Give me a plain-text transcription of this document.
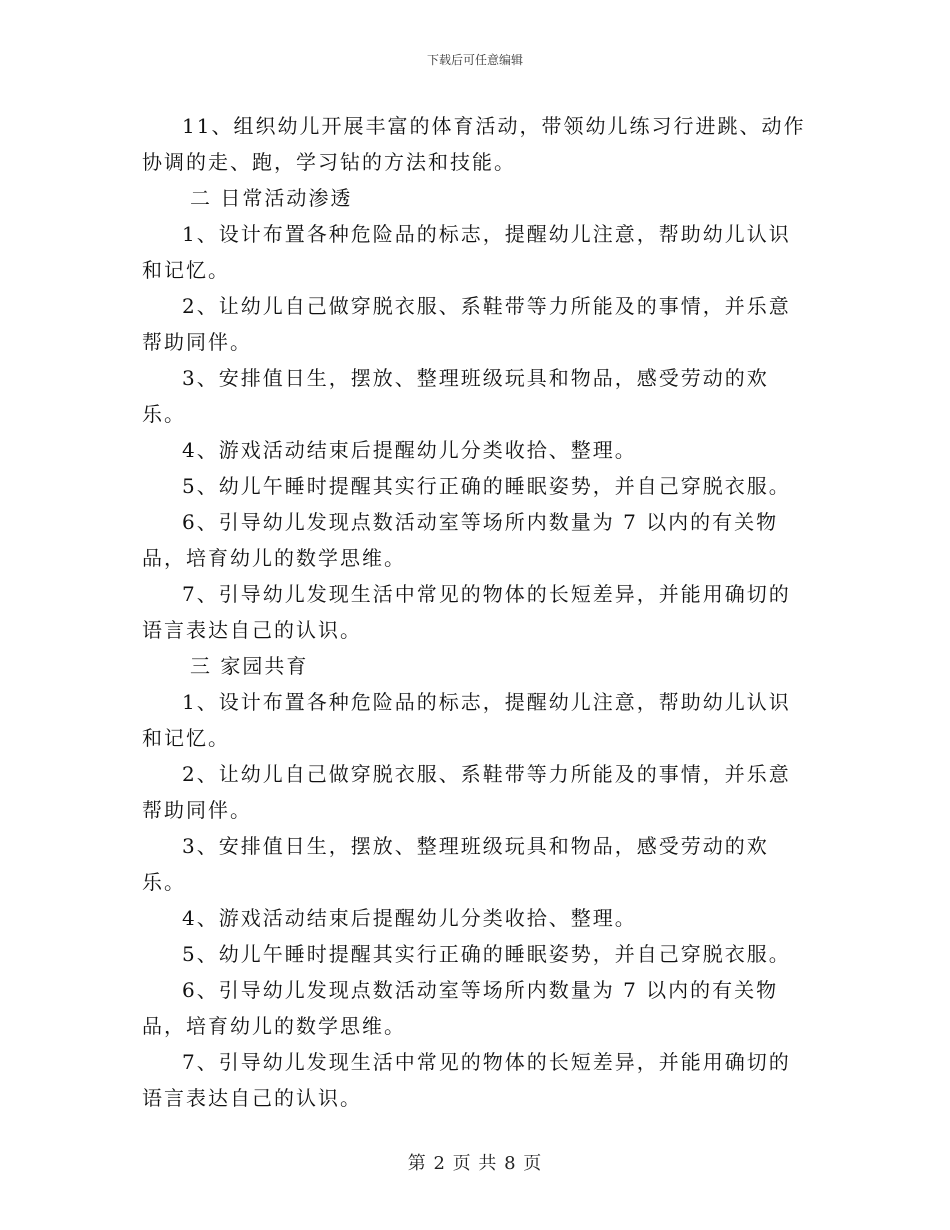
下载后可任意编辑

11、组织幼儿开展丰富的体育活动，带领幼儿练习行进跳、动作协调的走、跑，学习钻的方法和技能。

二 日常活动渗透

1、设计布置各种危险品的标志，提醒幼儿注意，帮助幼儿认识和记忆。

2、让幼儿自己做穿脱衣服、系鞋带等力所能及的事情，并乐意帮助同伴。

3、安排值日生，摆放、整理班级玩具和物品，感受劳动的欢乐。

4、游戏活动结束后提醒幼儿分类收拾、整理。

5、幼儿午睡时提醒其实行正确的睡眠姿势，并自己穿脱衣服。

6、引导幼儿发现点数活动室等场所内数量为 7 以内的有关物品，培育幼儿的数学思维。

7、引导幼儿发现生活中常见的物体的长短差异，并能用确切的语言表达自己的认识。

三 家园共育

1、设计布置各种危险品的标志，提醒幼儿注意，帮助幼儿认识和记忆。

2、让幼儿自己做穿脱衣服、系鞋带等力所能及的事情，并乐意帮助同伴。

3、安排值日生，摆放、整理班级玩具和物品，感受劳动的欢乐。

4、游戏活动结束后提醒幼儿分类收拾、整理。

5、幼儿午睡时提醒其实行正确的睡眠姿势，并自己穿脱衣服。

6、引导幼儿发现点数活动室等场所内数量为 7 以内的有关物品，培育幼儿的数学思维。

7、引导幼儿发现生活中常见的物体的长短差异，并能用确切的语言表达自己的认识。

第 2 页 共 8 页
